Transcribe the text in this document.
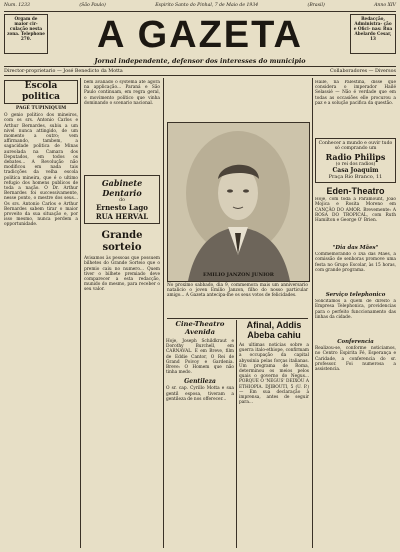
Num. 1233	(São Paulo)	Espirito Santo do Pinhal, 7 de Maio de 1934	(Brasil)	Anno XIV
Orgam de maior cir- culação nesta zona. Telephone 270.
Redacção, Administra- ção e Ofici- nas: Rua Abelardo Cesar, 13
A GAZETA
Jornal independente, defensor dos interesses do municipio
Director-proprietario — José Benedicto da Motta	Collaboradores — Diversos
Escola politica
PAGÉ TUPINIQUIM
O genio politico dos mineiros, com os srs. Antonio Carlos e Arthur Bernardes, subiu a um nivel nunca attingido, de um momento a outro; vem affirmando, tambem, a sagacidade politica de Minas aureolada na Camara dos Deputados, em todos os debates... A Revolução não modificou em nada tais tradicções da velha escola politica mineira, que é o ultimo refugio dos homens publicos de toda a nação. O Dr. Arthur Bernardes foi successivamente, nesse ponto, o mestre dos seus... Os srs. Antonio Carlos e Arthur Bernardes sabem tirar o maior proveito da sua situação e, por isso mesmo, nunca perdem a opportunidade.
bem avaliado o systema até agora na applicação... Paraná e São Paulo continuam, em regra geral, o movimento político que vinha dominando o scenario nacional.
Gabinete Dentario
do
Ernesto Lago
RUA HERVAL
Grande sorteio
Avisamos às pessoas que possuem bilhetes do Grande Sorteio que o premio caiu no numero... Quem tiver o bilhete premiado deve comparecer a esta redacção, munido do mesmo, para receber o seu valor.
EMILIO JANZON JUNIOR
No proximo sabbado, dia 9, commemora mais um anniversario natalicio o joven Emilio Janzon, filho do nosso particular amigo... A Gazeta antecipa-lhe os seus votos de felicidades.
Cine-Theatro Avenida
Hoje, Joseph Schildkraut e Dorothy Burchell, em CARNAVAL. E em Breve, film de Eddie Cantor, O Rei de Grand Poivoy e Gardenia. Breve: O Homem que não tinha medo.
Gentileza
O sr. cap. Cyrillo Motta e sua gentil esposa, tiveram a gentileza de nos offerecer...
Afinal, Addis Abeba cahiu
As ultimas noticias sobre a guerra italo-ethiope, confirmam a occupação da capital abyssinia pelas forças italianas. Um programa de Roma, determinou os meios pelos quais o governo do Negus... PORQUE O 'NEGUS' DEIXOU A ETHIOPIA. DJIBOUTI, 5 (U. P.) — Em sua declaração à imprensa, antes de seguir para...
Hailé, na Palestina, disse que considera o imperador Hailé Selassié — Não é verdade que em todas as occasiões elle procurou a paz e a solução pacifica da questão.
Conhecer a mundo e ouvir tudo só comprando um
Radio Philips
(o rei dos radios)
Casa Joaquim
Praça Rio Branco, 11
Eden-Theatro
Hoje, com toda a Paramount, João Mojica e Rosita Moreno em CANÇÃO DO AMOR. Brevemente: A ROSA DO TROPICAL, com Ruth Hamilton e George O' Brien.
"Dia das Mães"
Commemorando o Dia das Mães, a comissão de senhoras promove uma festa no Grupo Escolar, às 15 horas, com grande programa.
Serviço telephonico
Solicitamos a quem de direito a Empresa Telephonica, providencias para o perfeito funccionamento das linhas da cidade.
Conferencia
Realizou-se, conforme noticiamos, no Centro Espirita Fé, Esperança e Caridade, a conferencia do sr. professor. Foi numerosa a assistencia.
